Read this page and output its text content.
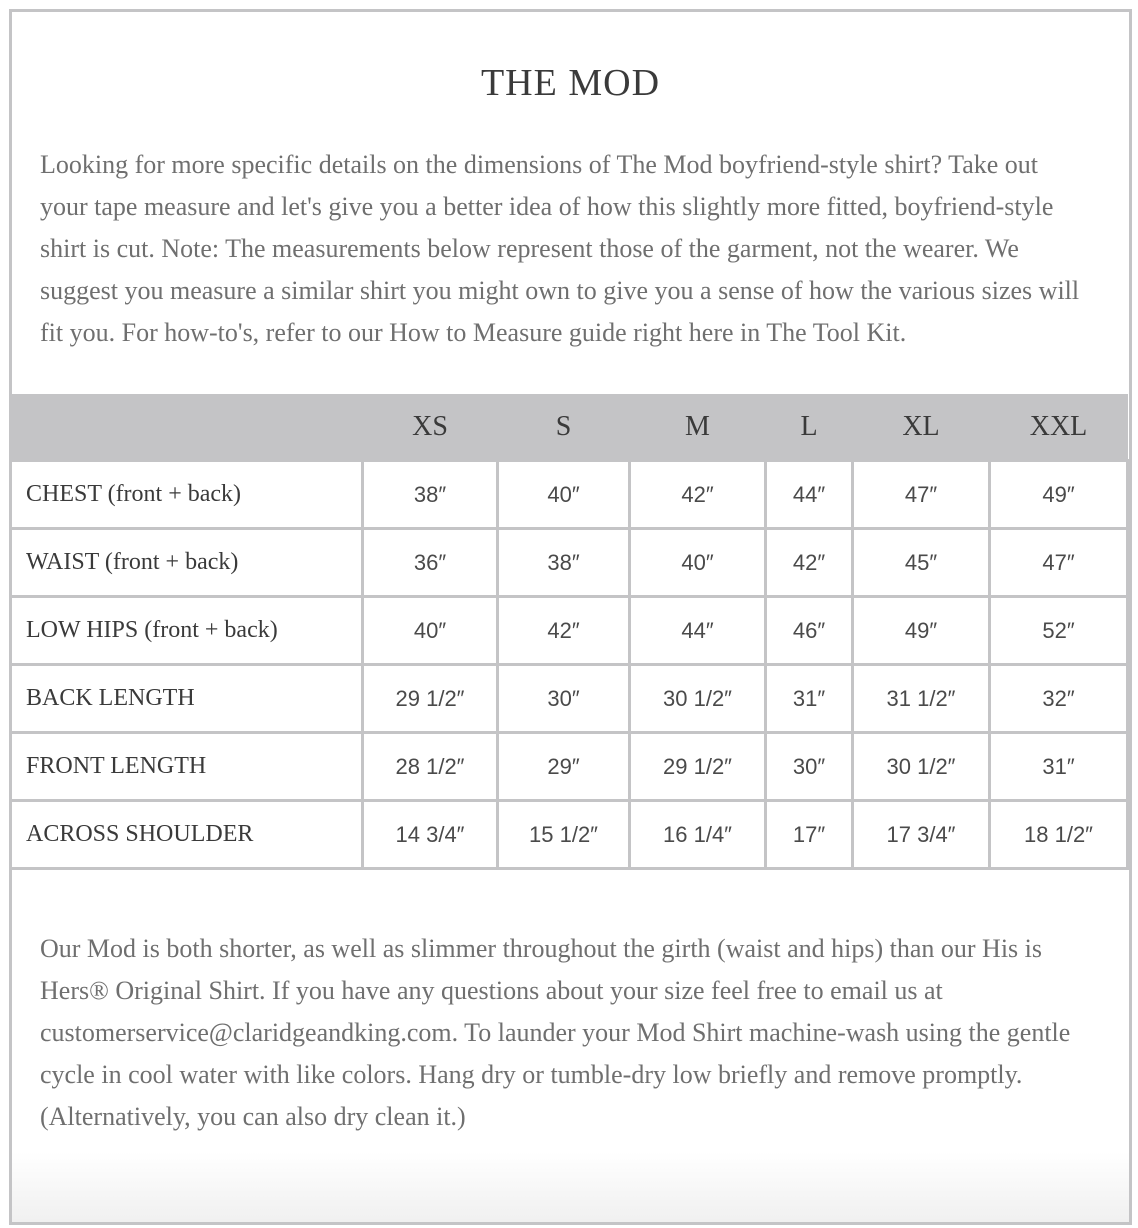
THE MOD

Looking for more specific details on the dimensions of The Mod boyfriend-style shirt? Take out your tape measure and let's give you a better idea of how this slightly more fitted, boyfriend-style shirt is cut. Note: The measurements below represent those of the garment, not the wearer. We suggest you measure a similar shirt you might own to give you a sense of how the various sizes will fit you. For how-to's, refer to our How to Measure guide right here in The Tool Kit.

	XS	S	M	L	XL	XXL
CHEST (front + back)	38″	40″	42″	44″	47″	49″
WAIST (front + back)	36″	38″	40″	42″	45″	47″
LOW HIPS (front + back)	40″	42″	44″	46″	49″	52″
BACK LENGTH	29 1/2″	30″	30 1/2″	31″	31 1/2″	32″
FRONT LENGTH	28 1/2″	29″	29 1/2″	30″	30 1/2″	31″
ACROSS SHOULDER	14 3/4″	15 1/2″	16 1/4″	17″	17 3/4″	18 1/2″

Our Mod is both shorter, as well as slimmer throughout the girth (waist and hips) than our His is Hers® Original Shirt. If you have any questions about your size feel free to email us at customerservice@claridgeandking.com. To launder your Mod Shirt machine-wash using the gentle cycle in cool water with like colors. Hang dry or tumble-dry low briefly and remove promptly. (Alternatively, you can also dry clean it.)
